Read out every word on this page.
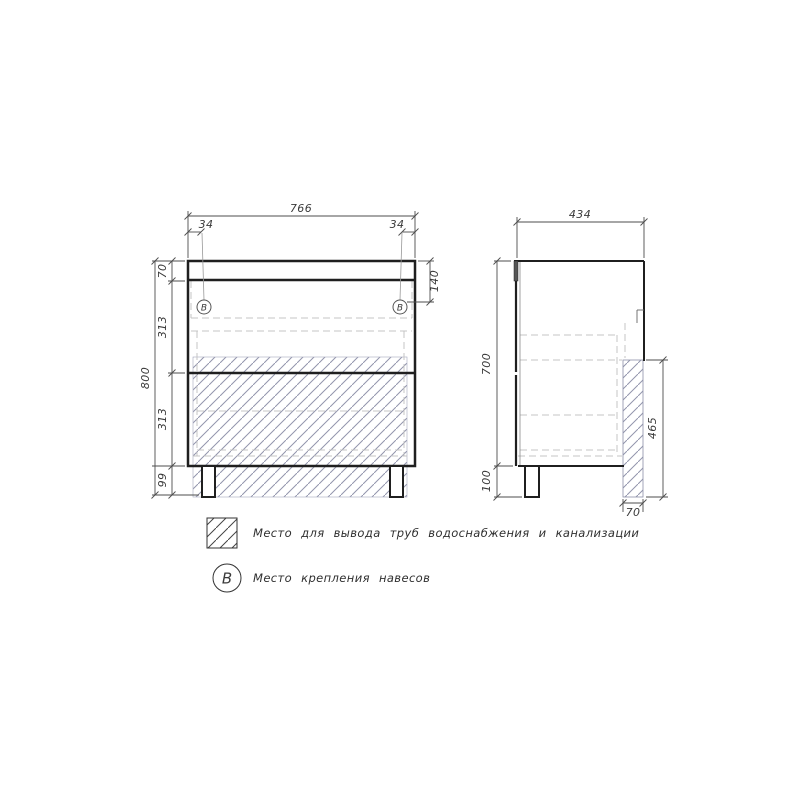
В	В
766
34	34
70
313
313
99
800
140
434
700
100
465
70
Место для вывода труб водоснабжения и канализации
В Место крепления навесов
